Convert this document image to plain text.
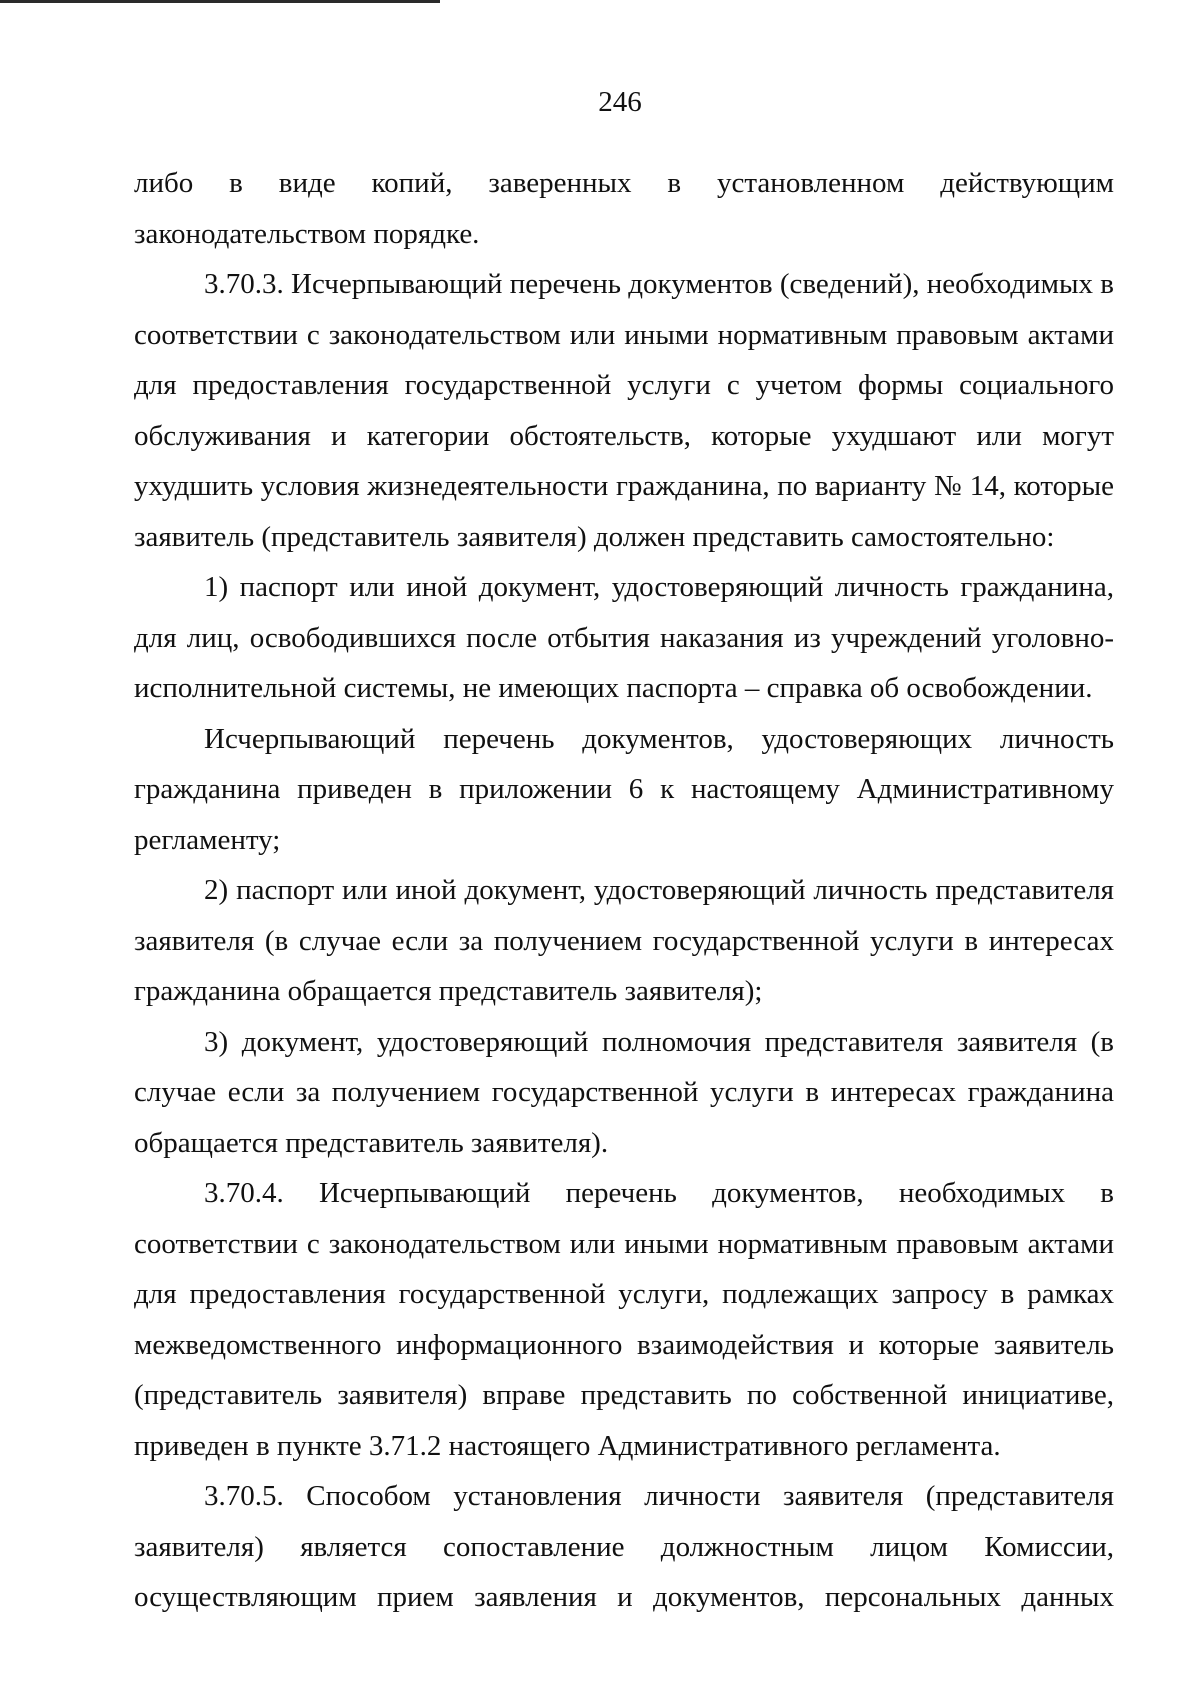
246

либо в виде копий, заверенных в установленном действующим законодательством порядке.

3.70.3. Исчерпывающий перечень документов (сведений), необходимых в соответствии с законодательством или иными нормативным правовым актами для предоставления государственной услуги с учетом формы социального обслуживания и категории обстоятельств, которые ухудшают или могут ухудшить условия жизнедеятельности гражданина, по варианту № 14, которые заявитель (представитель заявителя) должен представить самостоятельно:

1) паспорт или иной документ, удостоверяющий личность гражданина, для лиц, освободившихся после отбытия наказания из учреждений уголовно-исполнительной системы, не имеющих паспорта – справка об освобождении.

Исчерпывающий перечень документов, удостоверяющих личность гражданина приведен в приложении 6 к настоящему Административному регламенту;

2) паспорт или иной документ, удостоверяющий личность представителя заявителя (в случае если за получением государственной услуги в интересах гражданина обращается представитель заявителя);

3) документ, удостоверяющий полномочия представителя заявителя (в случае если за получением государственной услуги в интересах гражданина обращается представитель заявителя).

3.70.4. Исчерпывающий перечень документов, необходимых в соответствии с законодательством или иными нормативным правовым актами для предоставления государственной услуги, подлежащих запросу в рамках межведомственного информационного взаимодействия и которые заявитель (представитель заявителя) вправе представить по собственной инициативе, приведен в пункте 3.71.2 настоящего Административного регламента.

3.70.5. Способом установления личности заявителя (представителя заявителя) является сопоставление должностным лицом Комиссии, осуществляющим прием заявления и документов, персональных данных
